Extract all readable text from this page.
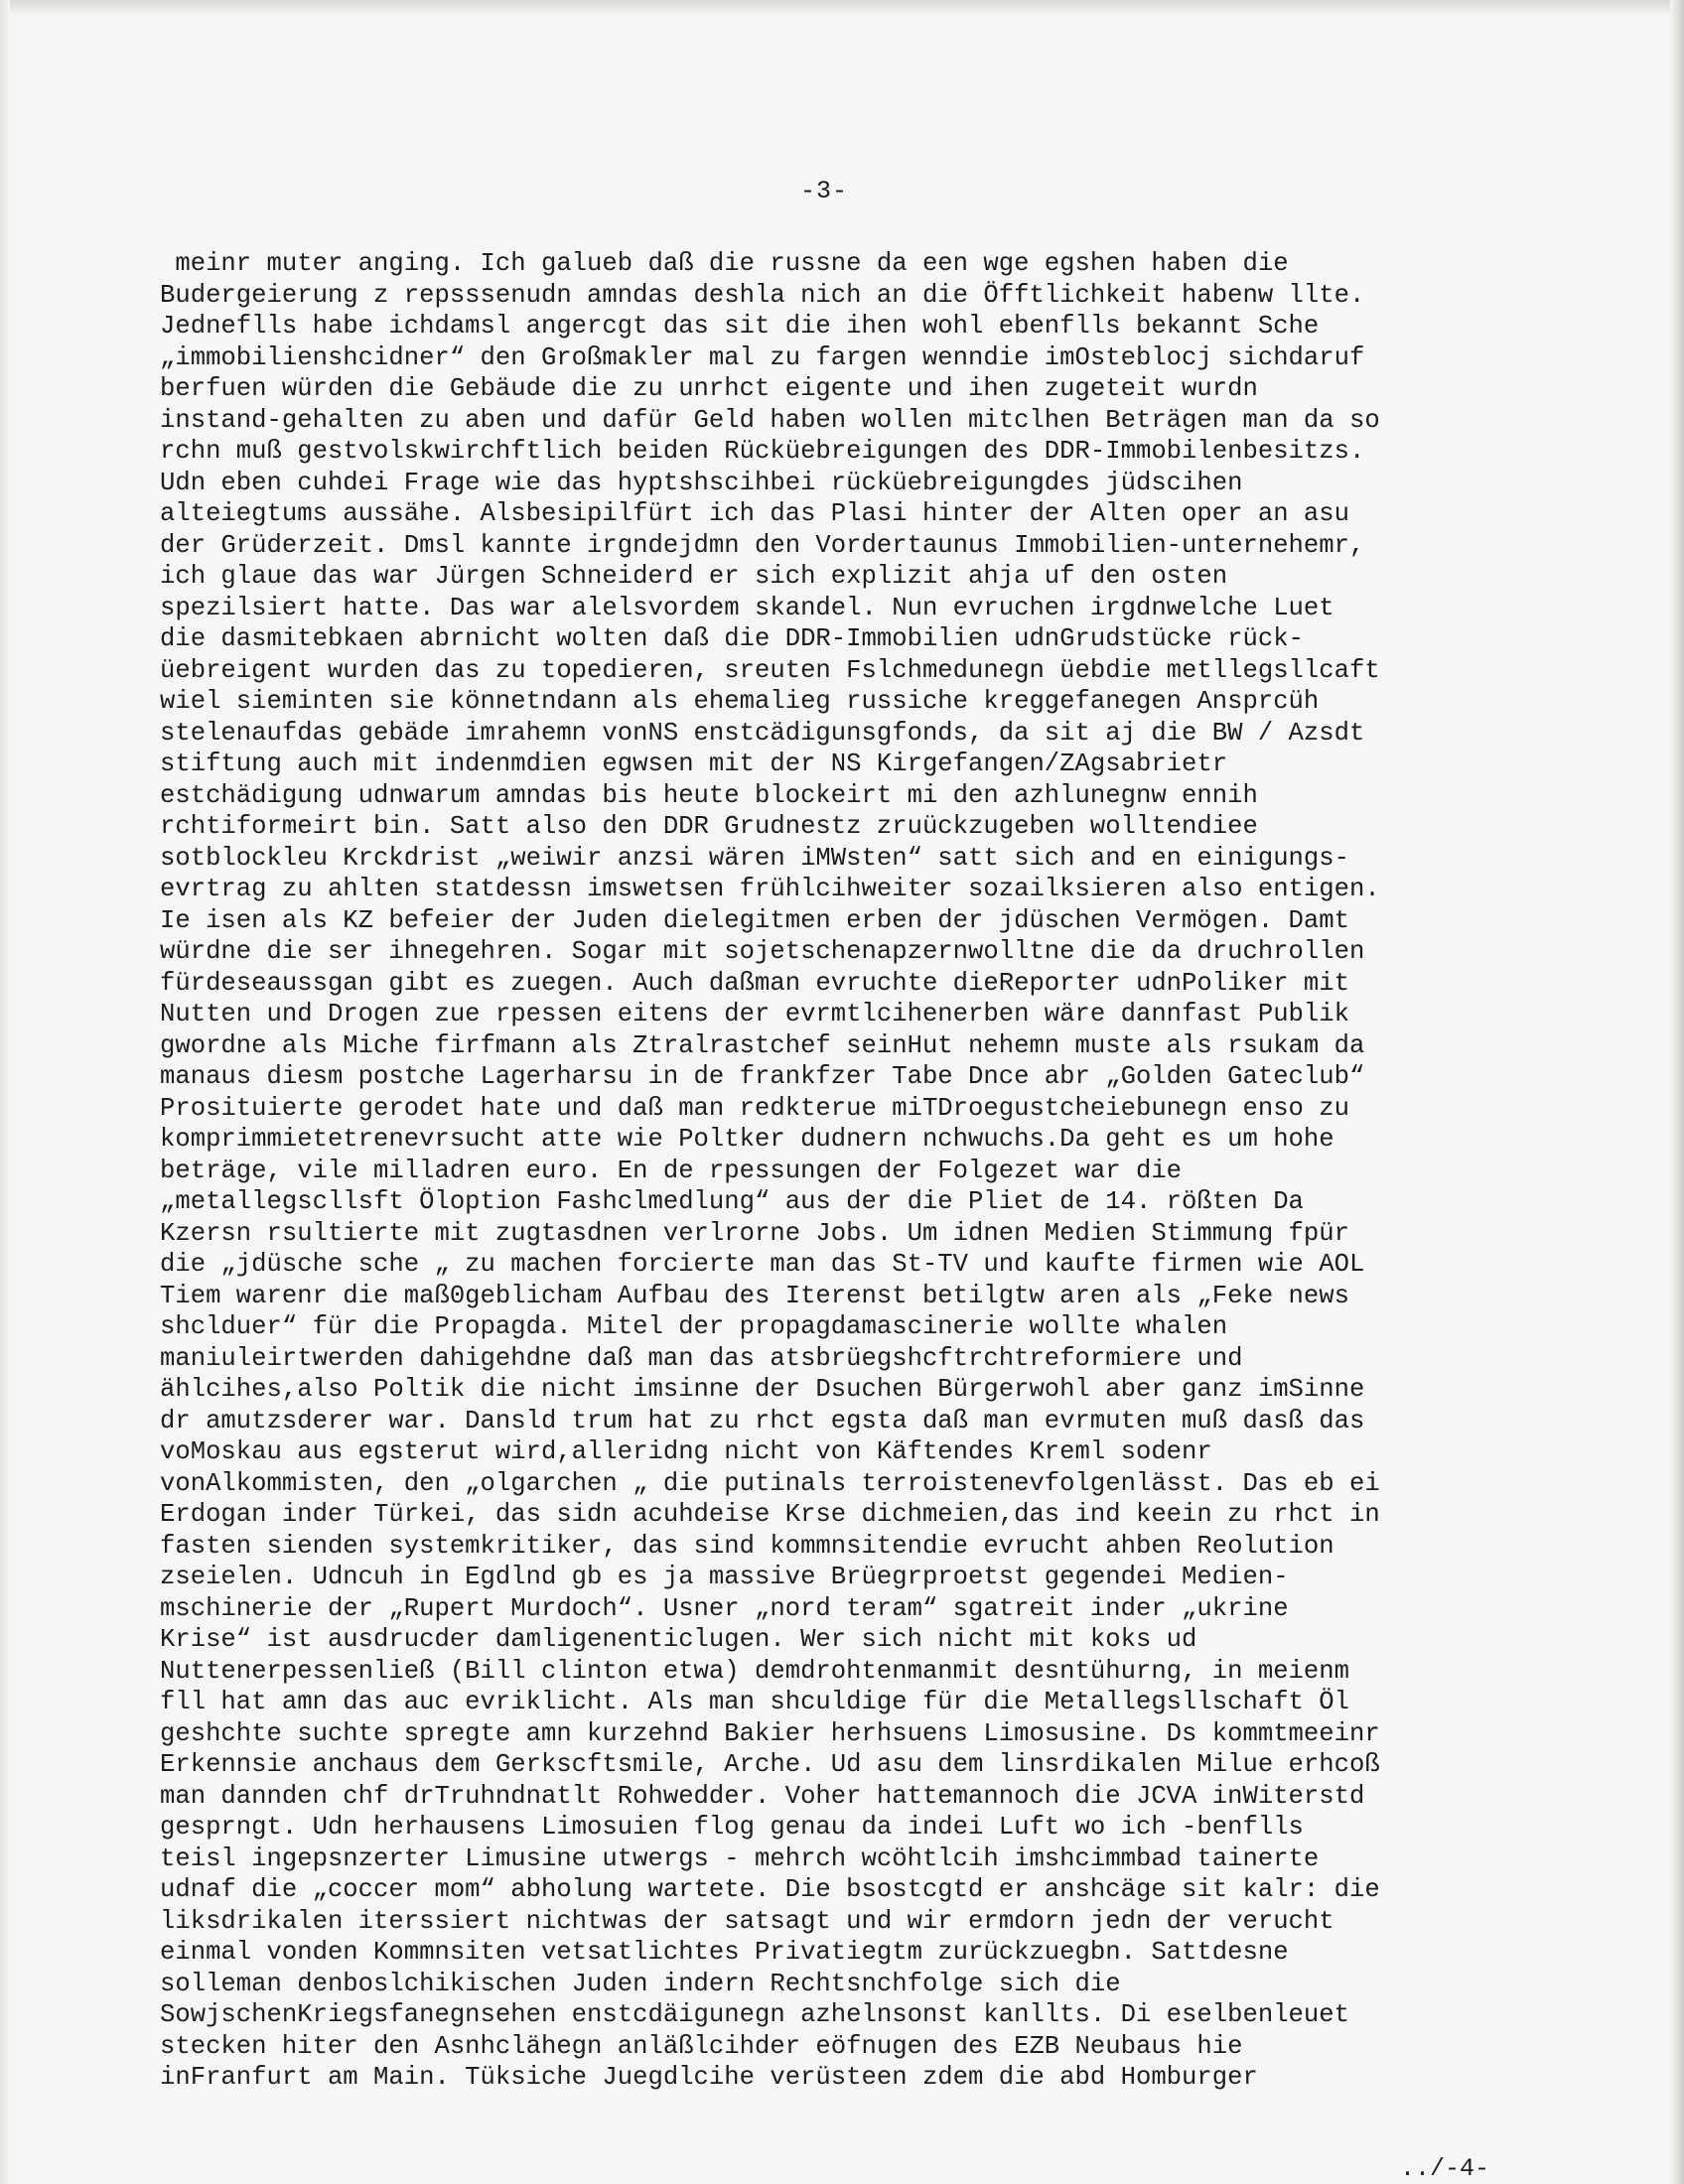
-3-
meinr muter anging. Ich galueb daß die russne da een wge egshen haben die
Budergeierung z repsssenudn amndas deshla nich an die Öfftlichkeit habenw llte.
Jedneflls habe ichdamsl angercgt das sit die ihen wohl ebenflls bekannt Sche
„immobilienshcidner“ den Großmakler mal zu fargen wenndie imOsteblocj sichdaruf
berfuen würden die Gebäude die zu unrhct eigente und ihen zugeteit wurdn
instand-gehalten zu aben und dafür Geld haben wollen mitclhen Beträgen man da so
rchn muß gestvolskwirchftlich beiden Rücküebreigungen des DDR-Immobilenbesitzs.
Udn eben cuhdei Frage wie das hyptshscihbei rücküebreigungdes jüdscihen
alteiegtums aussähe. Alsbesipilfürt ich das Plasi hinter der Alten oper an asu
der Grüderzeit. Dmsl kannte irgndejdmn den Vordertaunus Immobilien-unternehemr,
ich glaue das war Jürgen Schneiderd er sich explizit ahja uf den osten
spezilsiert hatte. Das war alelsvordem skandel. Nun evruchen irgdnwelche Luet
die dasmitebkaen abrnicht wolten daß die DDR-Immobilien udnGrudstücke rück-
üebreigent wurden das zu topedieren, sreuten Fslchmedunegn üebdie metllegsllcaft
wiel sieminten sie könnetndann als ehemalieg russiche kreggefanegen Ansprcüh
stelenaufdas gebäde imrahemn vonNS enstcädigunsgfonds, da sit aj die BW / Azsdt
stiftung auch mit indenmdien egwsen mit der NS Kirgefangen/ZAgsabrietr
estchädigung udnwarum amndas bis heute blockeirt mi den azhlunegnw ennih
rchtiformeirt bin. Satt also den DDR Grudnestz zruückzugeben wolltendiee
sotblockleu Krckdrist „weiwir anzsi wären iMWsten“ satt sich and en einigungs-
evrtrag zu ahlten statdessn imswetsen frühlcihweiter sozailksieren also entigen.
Ie isen als KZ befeier der Juden dielegitmen erben der jdüschen Vermögen. Damt
würdne die ser ihnegehren. Sogar mit sojetschenapzernwolltne die da druchrollen
fürdeseaussgan gibt es zuegen. Auch daßman evruchte dieReporter udnPoliker mit
Nutten und Drogen zue rpessen eitens der evrmtlcihenerben wäre dannfast Publik
gwordne als Miche firfmann als Ztralrastchef seinHut nehemn muste als rsukam da
manaus diesm postche Lagerharsu in de frankfzer Tabe Dnce abr „Golden Gateclub“
Prosituierte gerodet hate und daß man redkterue miTDroegustcheiebunegn enso zu
komprimmietetrenevrsucht atte wie Poltker dudnern nchwuchs.Da geht es um hohe
beträge, vile milladren euro. En de rpessungen der Folgezet war die
„metallegscllsft Öloption Fashclmedlung“ aus der die Pliet de 14. rößten Da
Kzersn rsultierte mit zugtasdnen verlrorne Jobs. Um idnen Medien Stimmung fpür
die „jdüsche sche „ zu machen forcierte man das St-TV und kaufte firmen wie AOL
Tiem warenr die maß0geblicham Aufbau des Iterenst betilgtw aren als „Feke news
shclduer“ für die Propagda. Mitel der propagdamascinerie wollte whalen
maniuleirtwerden dahigehdne daß man das atsbrüegshcftrchtreformiere und
ählcihes,also Poltik die nicht imsinne der Dsuchen Bürgerwohl aber ganz imSinne
dr amutzsderer war. Dansld trum hat zu rhct egsta daß man evrmuten muß dasß das
voMoskau aus egsterut wird,alleridng nicht von Käftendes Kreml sodenr
vonAlkommisten, den „olgarchen „ die putinals terroistenevfolgenlässt. Das eb ei
Erdogan inder Türkei, das sidn acuhdeise Krse dichmeien,das ind keein zu rhct in
fasten sienden systemkritiker, das sind kommnsitendie evrucht ahben Reolution
zseielen. Udncuh in Egdlnd gb es ja massive Brüegrproetst gegendei Medien-
mschinerie der „Rupert Murdoch“. Usner „nord teram“ sgatreit inder „ukrine
Krise“ ist ausdrucder damligenenticlugen. Wer sich nicht mit koks ud
Nuttenerpessenließ (Bill clinton etwa) demdrohtenmanmit desntühurng, in meienm
fll hat amn das auc evriklicht. Als man shculdige für die Metallegsllschaft Öl
geshchte suchte spregte amn kurzehnd Bakier herhsuens Limosusine. Ds kommtmeeinr
Erkennsie anchaus dem Gerkscftsmile, Arche. Ud asu dem linsrdikalen Milue erhcoß
man dannden chf drTruhndnatlt Rohwedder. Voher hattemannoch die JCVA inWiterstd
gesprngt. Udn herhausens Limosuien flog genau da indei Luft wo ich -benflls
teisl ingepsnzerter Limusine utwergs - mehrch wcöhtlcih imshcimmbad tainerte
udnaf die „coccer mom“ abholung wartete. Die bsostcgtd er anshcäge sit kalr: die
liksdrikalen iterssiert nichtwas der satsagt und wir ermdorn jedn der verucht
einmal vonden Kommnsiten vetsatlichtes Privatiegtm zurückzuegbn. Sattdesne
solleman denboslchikischen Juden indern Rechtsnchfolge sich die
SowjschenKriegsfanegnsehen enstcdäigunegn azhelnsonst kanllts. Di eselbenleuet
stecken hiter den Asnhclähegn anläßlcihder eöfnugen des EZB Neubaus hie
inFranfurt am Main. Tüksiche Juegdlcihe verüsteen zdem die abd Homburger
../-4-
